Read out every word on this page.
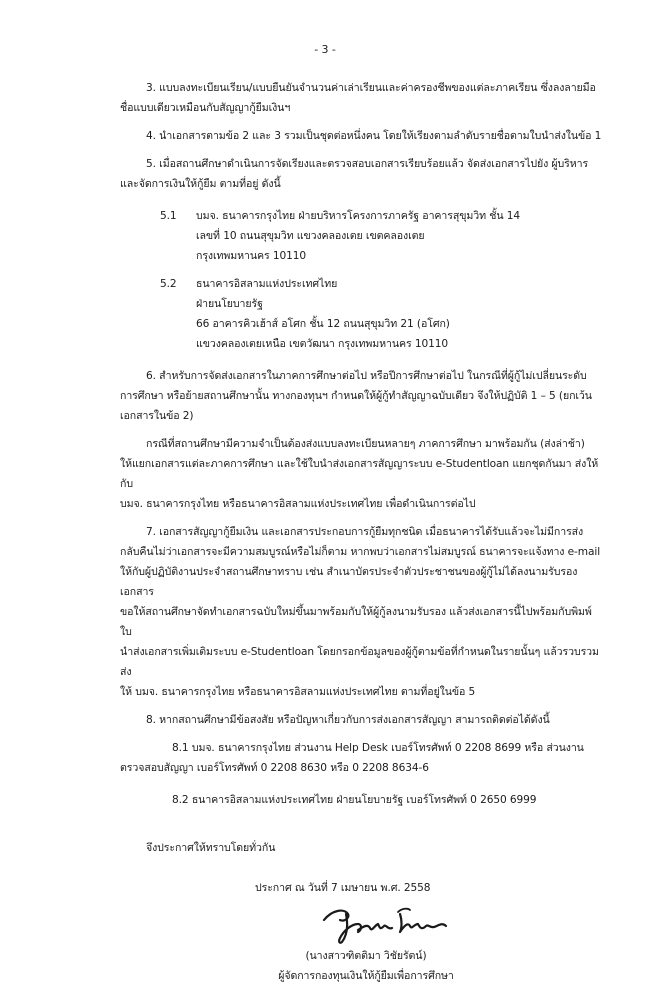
- 3 -

3. แบบลงทะเบียนเรียน/แบบยืนยันจำนวนค่าเล่าเรียนและค่าครองชีพของแต่ละภาคเรียน ซึ่งลงลายมือ

ชื่อแบบเดียวเหมือนกับสัญญากู้ยืมเงินฯ

4. นำเอกสารตามข้อ 2 และ 3 รวมเป็นชุดต่อหนึ่งคน โดยให้เรียงตามลำดับรายชื่อตามใบนำส่งในข้อ 1

5. เมื่อสถานศึกษาดำเนินการจัดเรียงและตรวจสอบเอกสารเรียบร้อยแล้ว จัดส่งเอกสารไปยัง ผู้บริหาร

และจัดการเงินให้กู้ยืม ตามที่อยู่ ดังนี้

5.1	บมจ. ธนาคารกรุงไทย ฝ่ายบริหารโครงการภาครัฐ อาคารสุขุมวิท ชั้น 14

เลขที่ 10 ถนนสุขุมวิท แขวงคลองเตย เขตคลองเตย

กรุงเทพมหานคร 10110

5.2	ธนาคารอิสลามแห่งประเทศไทย

ฝ่ายนโยบายรัฐ

66 อาคารคิวเฮ้าส์ อโศก ชั้น 12 ถนนสุขุมวิท 21 (อโศก)

แขวงคลองเตยเหนือ เขตวัฒนา กรุงเทพมหานคร 10110

6. สำหรับการจัดส่งเอกสารในภาคการศึกษาต่อไป หรือปีการศึกษาต่อไป ในกรณีที่ผู้กู้ไม่เปลี่ยนระดับ

การศึกษา หรือย้ายสถานศึกษานั้น ทางกองทุนฯ กำหนดให้ผู้กู้ทำสัญญาฉบับเดียว จึงให้ปฏิบัติ 1 – 5 (ยกเว้น

เอกสารในข้อ 2)

กรณีที่สถานศึกษามีความจำเป็นต้องส่งแบบลงทะเบียนหลายๆ ภาคการศึกษา มาพร้อมกัน (ส่งล่าช้า)

ให้แยกเอกสารแต่ละภาคการศึกษา และใช้ใบนำส่งเอกสารสัญญาระบบ e-Studentloan แยกชุดกันมา ส่งให้กับ

บมจ. ธนาคารกรุงไทย หรือธนาคารอิสลามแห่งประเทศไทย เพื่อดำเนินการต่อไป

7. เอกสารสัญญากู้ยืมเงิน และเอกสารประกอบการกู้ยืมทุกชนิด เมื่อธนาคารได้รับแล้วจะไม่มีการส่ง

กลับคืนไม่ว่าเอกสารจะมีความสมบูรณ์หรือไม่ก็ตาม หากพบว่าเอกสารไม่สมบูรณ์ ธนาคารจะแจ้งทาง e-mail

ให้กับผู้ปฏิบัติงานประจำสถานศึกษาทราบ เช่น สำเนาบัตรประจำตัวประชาชนของผู้กู้ไม่ได้ลงนามรับรองเอกสาร

ขอให้สถานศึกษาจัดทำเอกสารฉบับใหม่ขึ้นมาพร้อมกับให้ผู้กู้ลงนามรับรอง แล้วส่งเอกสารนี้ไปพร้อมกับพิมพ์ใบ

นำส่งเอกสารเพิ่มเติมระบบ e-Studentloan โดยกรอกข้อมูลของผู้กู้ตามข้อที่กำหนดในรายนั้นๆ แล้วรวบรวมส่ง

ให้ บมจ. ธนาคารกรุงไทย หรือธนาคารอิสลามแห่งประเทศไทย ตามที่อยู่ในข้อ 5

8. หากสถานศึกษามีข้อสงสัย หรือปัญหาเกี่ยวกับการส่งเอกสารสัญญา สามารถติดต่อได้ดังนี้

8.1 บมจ. ธนาคารกรุงไทย ส่วนงาน Help Desk เบอร์โทรศัพท์ 0 2208 8699 หรือ ส่วนงาน

ตรวจสอบสัญญา เบอร์โทรศัพท์ 0 2208 8630 หรือ 0 2208 8634-6

8.2 ธนาคารอิสลามแห่งประเทศไทย ฝ่ายนโยบายรัฐ เบอร์โทรศัพท์ 0 2650 6999

จึงประกาศให้ทราบโดยทั่วกัน

ประกาศ ณ วันที่ 7 เมษายน พ.ศ. 2558

(นางสาวฑิตติมา วิชัยรัตน์)

ผู้จัดการกองทุนเงินให้กู้ยืมเพื่อการศึกษา
